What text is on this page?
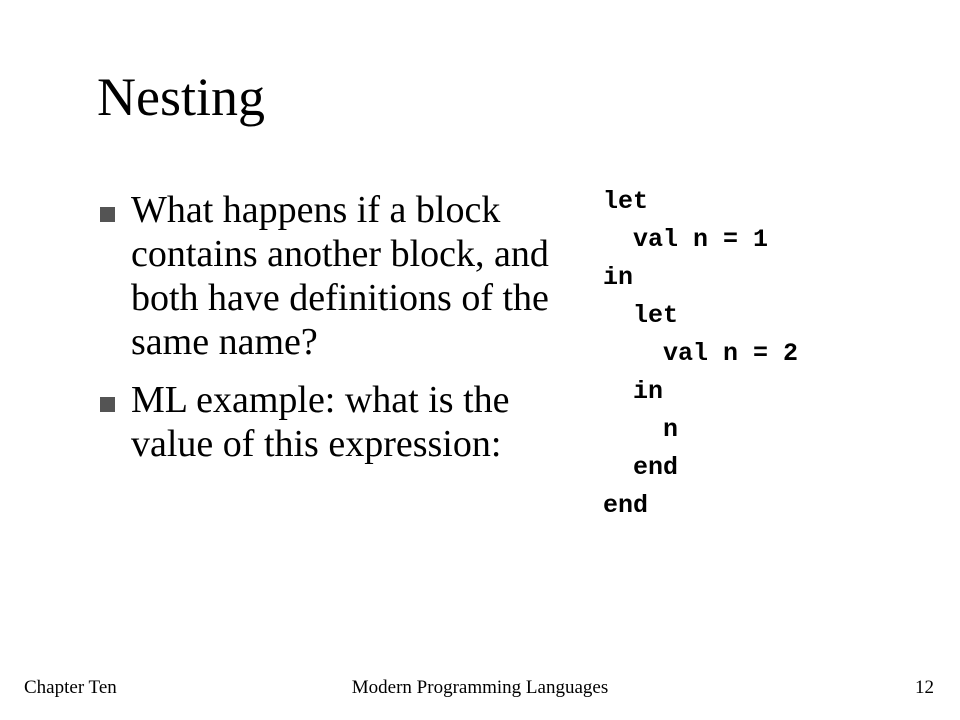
Nesting
What happens if a block contains another block, and both have definitions of the same name?
ML example: what is the value of this expression:
let
val n = 1
in
let
val n = 2
in
n
end
end
Modern Programming Languages
Chapter Ten	12
